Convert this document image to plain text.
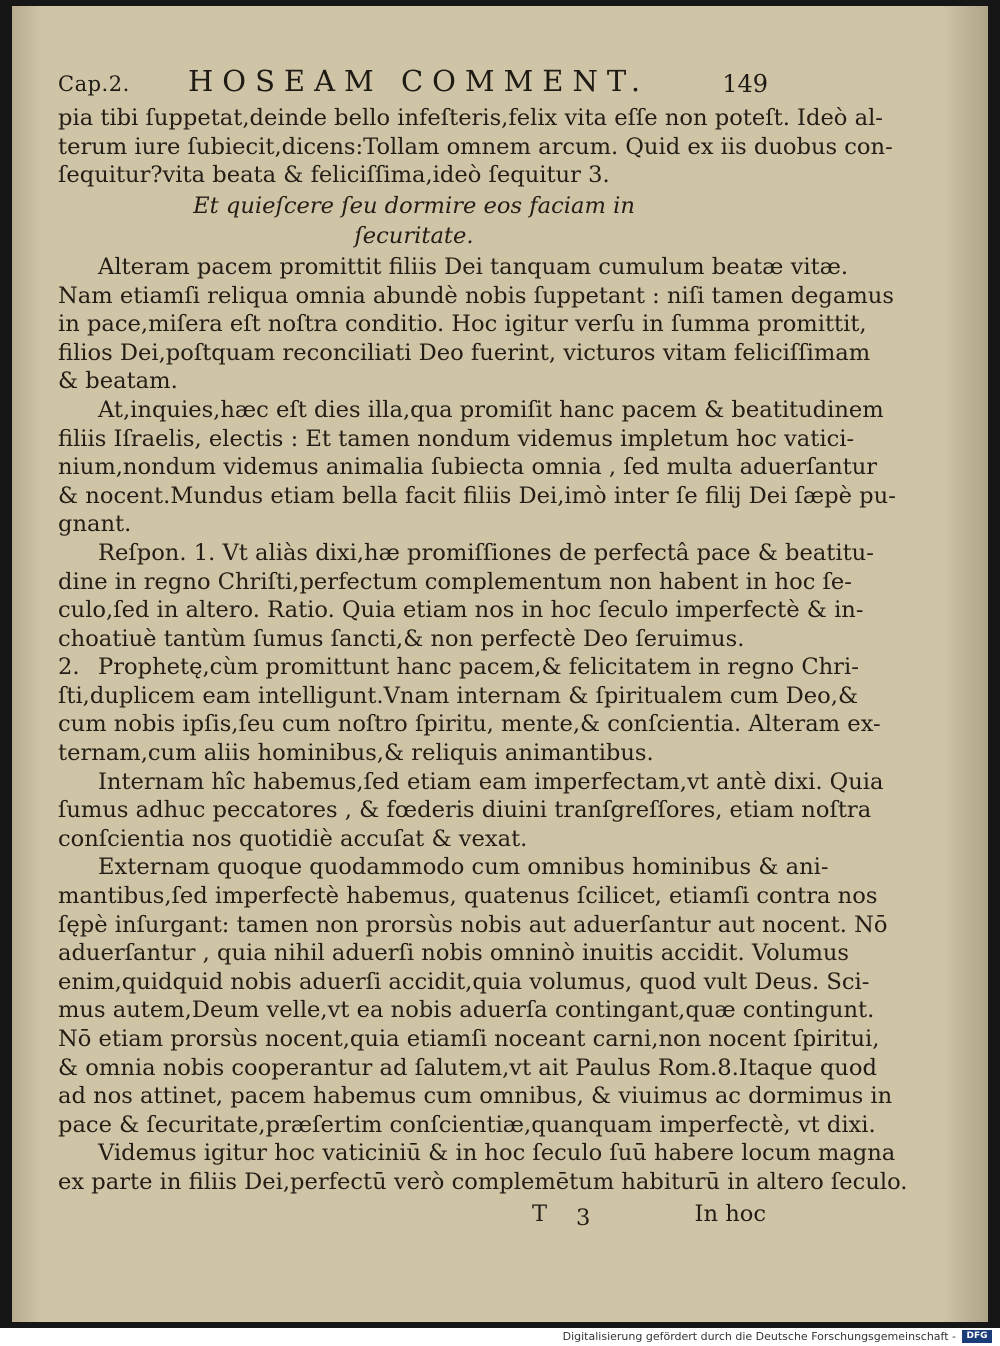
Cap.2. HOSEAM COMMENT.	149
pia tibi ſuppetat,deinde bello infeſteris,felix vita eſſe non poteſt. Ideò al-
terum iure ſubiecit,dicens:Tollam omnem arcum. Quid ex iis duobus con-
ſequitur?vita beata & feliciſſima,ideò ſequitur 3.
Et quieſcere ſeu dormire eos faciam in
ſecuritate.
Alteram pacem promittit filiis Dei tanquam cumulum beatæ vitæ.
Nam etiamſi reliqua omnia abundè nobis ſuppetant : niſi tamen degamus
in pace,miſera eſt noſtra conditio. Hoc igitur verſu in ſumma promittit,
filios Dei,poſtquam reconciliati Deo fuerint, victuros vitam feliciſſimam
& beatam.
At,inquies,hæc eſt dies illa,qua promiſit hanc pacem & beatitudinem
filiis Iſraelis, electis : Et tamen nondum videmus impletum hoc vatici-
nium,nondum videmus animalia ſubiecta omnia , ſed multa aduerſantur
& nocent.Mundus etiam bella facit filiis Dei,imò inter ſe filij Dei ſæpè pu-
gnant.
Reſpon. 1. Vt aliàs dixi,hæ promiſſiones de perfectâ pace & beatitu-
dine in regno Chriſti,perfectum complementum non habent in hoc ſe-
culo,ſed in altero. Ratio. Quia etiam nos in hoc ſeculo imperfectè & in-
choatiuè tantùm ſumus ſancti,& non perfectè Deo ſeruimus.
2. Prophetę,cùm promittunt hanc pacem,& felicitatem in regno Chri-
ſti,duplicem eam intelligunt.Vnam internam & ſpiritualem cum Deo,&
cum nobis ipſis,ſeu cum noſtro ſpiritu, mente,& conſcientia. Alteram ex-
ternam,cum aliis hominibus,& reliquis animantibus.
Internam hîc habemus,ſed etiam eam imperfectam,vt antè dixi. Quia
ſumus adhuc peccatores , & fœderis diuini tranſgreſſores, etiam noſtra
conſcientia nos quotidiè accuſat & vexat.
Externam quoque quodammodo cum omnibus hominibus & ani-
mantibus,ſed imperfectè habemus, quatenus ſcilicet, etiamſi contra nos
ſępè inſurgant: tamen non prorsùs nobis aut aduerſantur aut nocent. Nō
aduerſantur , quia nihil aduerſi nobis omninò inuitis accidit. Volumus
enim,quidquid nobis aduerſi accidit,quia volumus, quod vult Deus. Sci-
mus autem,Deum velle,vt ea nobis aduerſa contingant,quæ contingunt.
Nō etiam prorsùs nocent,quia etiamſi noceant carni,non nocent ſpiritui,
& omnia nobis cooperantur ad ſalutem,vt ait Paulus Rom.8.Itaque quod
ad nos attinet, pacem habemus cum omnibus, & viuimus ac dormimus in
pace & ſecuritate,præſertim conſcientiæ,quanquam imperfectè, vt dixi.
Videmus igitur hoc vaticiniū & in hoc ſeculo ſuū habere locum magna
ex parte in filiis Dei,perfectū verò complemētum habiturū in altero ſeculo.
T 3	In hoc
Digitalisierung gefördert durch die Deutsche Forschungsgemeinschaft -	DFG
